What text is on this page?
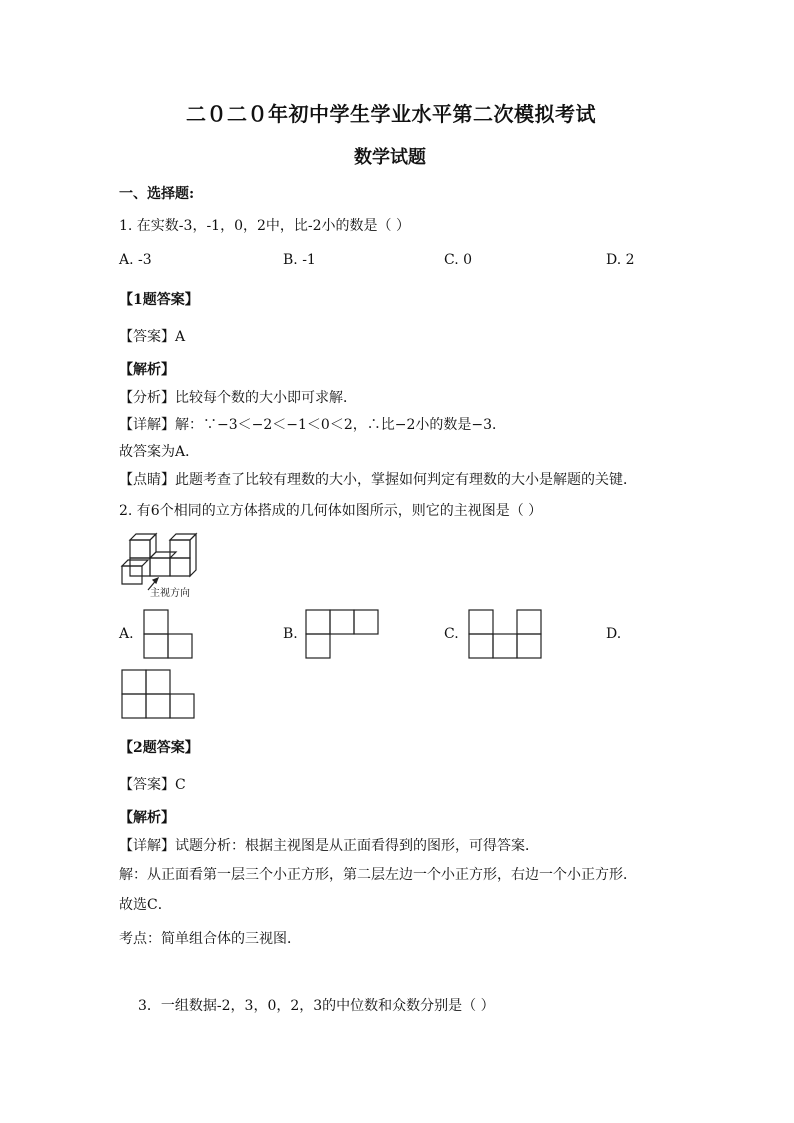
二０二０年初中学生学业水平第二次模拟考试
数学试题
一、选择题:
1. 在实数-3，-1，0，2中，比-2小的数是（ ）
A. -3	B. -1	C. 0	D. 2
【1题答案】
【答案】A
【解析】
【分析】比较每个数的大小即可求解．
【详解】解：∵−3＜−2＜−1＜0＜2，∴比−2小的数是−3．
故答案为A．
【点睛】此题考查了比较有理数的大小，掌握如何判定有理数的大小是解题的关键．
2. 有6个相同的立方体搭成的几何体如图所示，则它的主视图是（ ）
主视方向
A.	B.	C.	D.
【2题答案】
【答案】C
【解析】
【详解】试题分析：根据主视图是从正面看得到的图形，可得答案．
解：从正面看第一层三个小正方形，第二层左边一个小正方形，右边一个小正方形．
故选C．
考点：简单组合体的三视图．
3．一组数据-2，3，0，2，3的中位数和众数分别是（ ）
